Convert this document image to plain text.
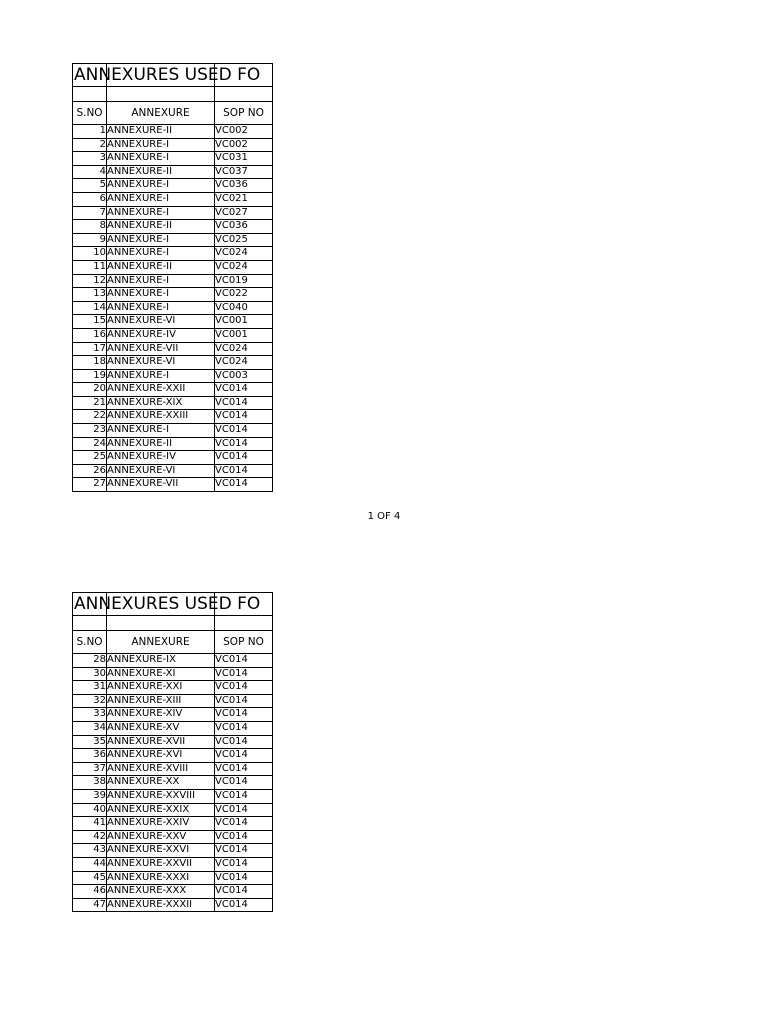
ANNEXURES USED FO		

S.NO	ANNEXURE	SOP NO
1	ANNEXURE-II	VC002
2	ANNEXURE-I	VC002
3	ANNEXURE-I	VC031
4	ANNEXURE-II	VC037
5	ANNEXURE-I	VC036
6	ANNEXURE-I	VC021
7	ANNEXURE-I	VC027
8	ANNEXURE-II	VC036
9	ANNEXURE-I	VC025
10	ANNEXURE-I	VC024
11	ANNEXURE-II	VC024
12	ANNEXURE-I	VC019
13	ANNEXURE-I	VC022
14	ANNEXURE-I	VC040
15	ANNEXURE-VI	VC001
16	ANNEXURE-IV	VC001
17	ANNEXURE-VII	VC024
18	ANNEXURE-VI	VC024
19	ANNEXURE-I	VC003
20	ANNEXURE-XXII	VC014
21	ANNEXURE-XIX	VC014
22	ANNEXURE-XXIII	VC014
23	ANNEXURE-I	VC014
24	ANNEXURE-II	VC014
25	ANNEXURE-IV	VC014
26	ANNEXURE-VI	VC014
27	ANNEXURE-VII	VC014
1 OF 4
ANNEXURES USED FO		

S.NO	ANNEXURE	SOP NO
28	ANNEXURE-IX	VC014
30	ANNEXURE-XI	VC014
31	ANNEXURE-XXI	VC014
32	ANNEXURE-XIII	VC014
33	ANNEXURE-XIV	VC014
34	ANNEXURE-XV	VC014
35	ANNEXURE-XVII	VC014
36	ANNEXURE-XVI	VC014
37	ANNEXURE-XVIII	VC014
38	ANNEXURE-XX	VC014
39	ANNEXURE-XXVIII	VC014
40	ANNEXURE-XXIX	VC014
41	ANNEXURE-XXIV	VC014
42	ANNEXURE-XXV	VC014
43	ANNEXURE-XXVI	VC014
44	ANNEXURE-XXVII	VC014
45	ANNEXURE-XXXI	VC014
46	ANNEXURE-XXX	VC014
47	ANNEXURE-XXXII	VC014
